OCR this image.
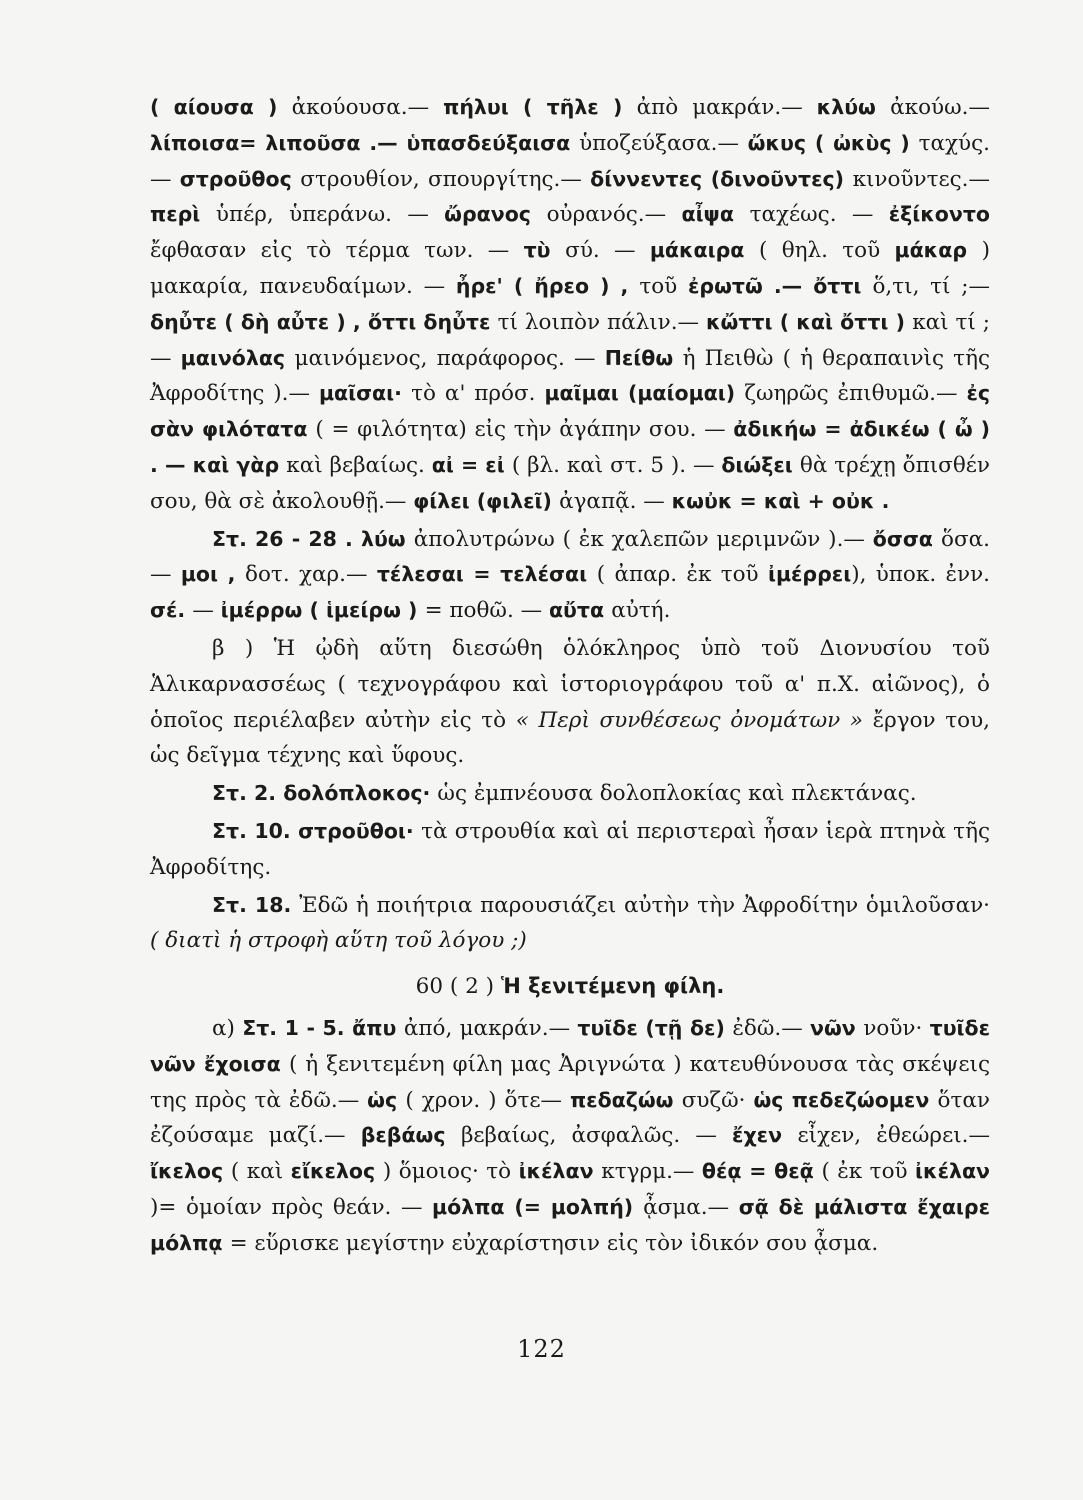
( αίουσα ) ἀκούουσα.— πήλυι ( τῆλε ) ἀπὸ μακράν.— κλύω ἀκούω.— λίποισα= λιποῦσα .— ὑπασδεύξαισα ὑποζεύξασα.— ὤκυς ( ὠκὺς ) ταχύς.— στροῦθος στρουθίον, σπουργίτης.— δίννεντες (δινοῦντες) κινοῦντες.— περὶ ὑπέρ, ὑπεράνω. — ὤρανος οὐρανός.— αἶψα ταχέως. — ἐξίκοντο ἔφθασαν εἰς τὸ τέρμα των. — τὺ σύ. — μάκαιρα ( θηλ. τοῦ μάκαρ ) μακαρία, πανευδαίμων. — ἦρε' ( ἤρεο ) , τοῦ ἐρωτῶ .— ὄττι ὅ,τι, τί ;— δηὖτε ( δὴ αὖτε ) , ὄττι δηὖτε τί λοιπὸν πάλιν.— κὤττι ( καὶ ὄττι ) καὶ τί ; — μαινόλας μαινόμενος, παράφορος. — Πείθω ἡ Πειθὼ ( ἡ θεραπαινὶς τῆς Ἀφροδίτης ).— μαῖσαι· τὸ α' πρόσ. μαῖμαι (μαίομαι) ζωηρῶς ἐπιθυμῶ.— ἐς σὰν φιλότατα ( = φιλότητα) εἰς τὴν ἀγάπην σου. — ἀδικήω = ἀδικέω ( ὦ ) . — καὶ γὰρ καὶ βεβαίως. αἰ = εἰ ( βλ. καὶ στ. 5 ). — διώξει θὰ τρέχῃ ὄπισθέν σου, θὰ σὲ ἀκολουθῇ.— φίλει (φιλεῖ) ἀγαπᾷ. — κωὐκ = καὶ + οὐκ .

Στ. 26 - 28 . λύω ἀπολυτρώνω ( ἐκ χαλεπῶν μεριμνῶν ).— ὄσσα ὅσα. — μοι , δοτ. χαρ.— τέλεσαι = τελέσαι ( ἀπαρ. ἐκ τοῦ ἰμέρρει), ὑποκ. ἐνν. σέ. — ἰμέρρω ( ἱμείρω ) = ποθῶ. — αὔτα αὐτή.

β ) Ἡ ᾠδὴ αὕτη διεσώθη ὁλόκληρος ὑπὸ τοῦ Διονυσίου τοῦ Ἁλικαρνασσέως ( τεχνογράφου καὶ ἱστοριογράφου τοῦ α' π.Χ. αἰῶνος), ὁ ὁποῖος περιέλαβεν αὐτὴν εἰς τὸ « Περὶ συνθέσεως ὀνομάτων » ἔργον του, ὡς δεῖγμα τέχνης καὶ ὕφους.

Στ. 2. δολόπλοκος· ὡς ἐμπνέουσα δολοπλοκίας καὶ πλεκτάνας.

Στ. 10. στροῦθοι· τὰ στρουθία καὶ αἱ περιστεραὶ ἦσαν ἱερὰ πτηνὰ τῆς Ἀφροδίτης.

Στ. 18. Ἐδῶ ἡ ποιήτρια παρουσιάζει αὐτὴν τὴν Ἀφροδίτην ὁμιλοῦσαν· ( διατὶ ἡ στροφὴ αὕτη τοῦ λόγου ;)

60 ( 2 ) Ἡ ξενιτέμενη φίλη.

α) Στ. 1 - 5. ἄπυ ἀπό, μακράν.— τυῖδε (τῇ δε) ἐδῶ.— νῶν νοῦν· τυῖδε νῶν ἔχοισα ( ἡ ξενιτεμένη φίλη μας Ἀριγνώτα ) κατευθύνουσα τὰς σκέψεις της πρὸς τὰ ἐδῶ.— ὡς ( χρον. ) ὅτε— πεδαζώω συζῶ· ὡς πεδεζώομεν ὅταν ἐζούσαμε μαζί.— βεβάως βεβαίως, ἀσφαλῶς. — ἔχεν εἶχεν, ἐθεώρει.— ἴκελος ( καὶ εἴκελος ) ὅμοιος· τὸ ἰκέλαν κτγρμ.— θέᾳ = θεᾷ ( ἐκ τοῦ ἰκέλαν )= ὁμοίαν πρὸς θεάν. — μόλπα (= μολπή) ᾆσμα.— σᾷ δὲ μάλιστα ἔχαιρε μόλπᾳ = εὕρισκε μεγίστην εὐχαρίστησιν εἰς τὸν ἰδικόν σου ᾆσμα.

122
